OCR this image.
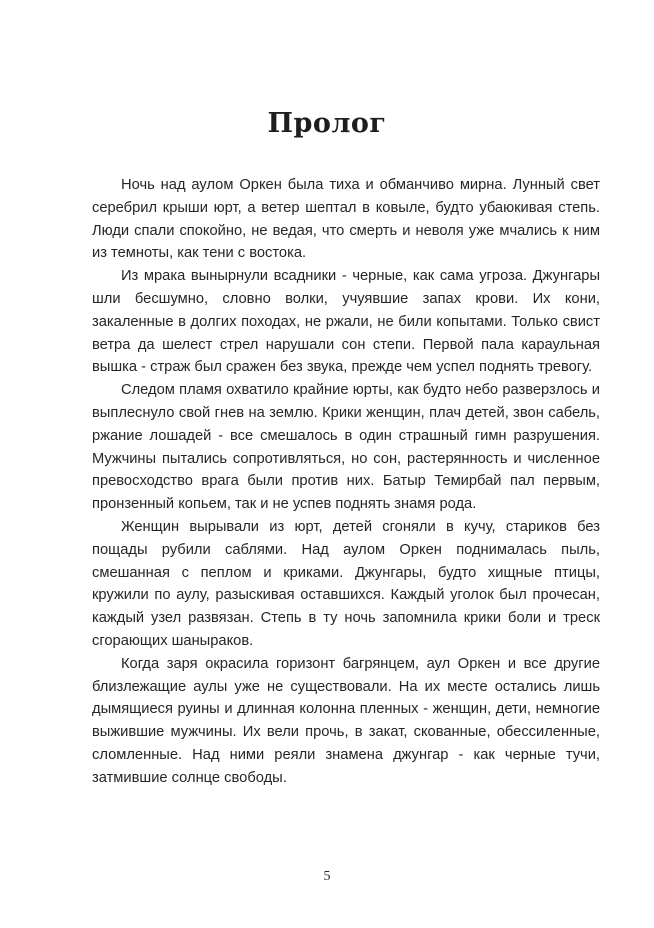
Пролог

Ночь над аулом Оркен была тиха и обманчиво мирна. Лунный свет серебрил крыши юрт, а ветер шептал в ковыле, будто убаюкивая степь. Люди спали спокойно, не ведая, что смерть и неволя уже мчались к ним из темноты, как тени с востока.

Из мрака вынырнули всадники - черные, как сама угроза. Джунгары шли бесшумно, словно волки, учуявшие запах крови. Их кони, закаленные в долгих походах, не ржали, не били копытами. Только свист ветра да шелест стрел нарушали сон степи. Первой пала караульная вышка - страж был сражен без звука, прежде чем успел поднять тревогу.

Следом пламя охватило крайние юрты, как будто небо разверзлось и выплеснуло свой гнев на землю. Крики женщин, плач детей, звон сабель, ржание лошадей - все смешалось в один страшный гимн разрушения. Мужчины пытались сопротивляться, но сон, растерянность и численное превосходство врага были против них. Батыр Темирбай пал первым, пронзенный копьем, так и не успев поднять знамя рода.

Женщин вырывали из юрт, детей сгоняли в кучу, стариков без пощады рубили саблями. Над аулом Оркен поднималась пыль, смешанная с пеплом и криками. Джунгары, будто хищные птицы, кружили по аулу, разыскивая оставшихся. Каждый уголок был прочесан, каждый узел развязан. Степь в ту ночь запомнила крики боли и треск сгорающих шаныраков.

Когда заря окрасила горизонт багрянцем, аул Оркен и все другие близлежащие аулы уже не существовали. На их месте остались лишь дымящиеся руины и длинная колонна пленных - женщин, дети, немногие выжившие мужчины. Их вели прочь, в закат, скованные, обессиленные, сломленные. Над ними реяли знамена джунгар - как черные тучи, затмившие солнце свободы.

5
